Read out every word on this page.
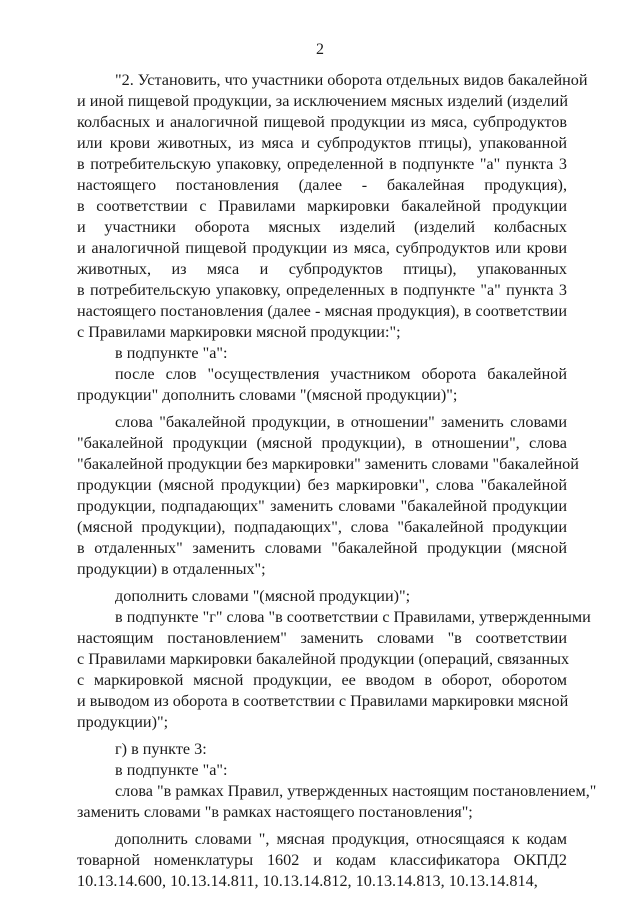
2
"2. Установить, что участники оборота отдельных видов бакалейной
и иной пищевой продукции, за исключением мясных изделий (изделий
колбасных и аналогичной пищевой продукции из мяса, субпродуктов
или крови животных, из мяса и субпродуктов птицы), упакованной
в потребительскую упаковку, определенной в подпункте "а" пункта 3
настоящего постановления (далее - бакалейная продукция),
в соответствии с Правилами маркировки бакалейной продукции
и участники оборота мясных изделий (изделий колбасных
и аналогичной пищевой продукции из мяса, субпродуктов или крови
животных, из мяса и субпродуктов птицы), упакованных
в потребительскую упаковку, определенных в подпункте "а" пункта 3
настоящего постановления (далее - мясная продукция), в соответствии
с Правилами маркировки мясной продукции:";
в подпункте "а":
после слов "осуществления участником оборота бакалейной
продукции" дополнить словами "(мясной продукции)";
слова "бакалейной продукции, в отношении" заменить словами
"бакалейной продукции (мясной продукции), в отношении", слова
"бакалейной продукции без маркировки" заменить словами "бакалейной
продукции (мясной продукции) без маркировки", слова "бакалейной
продукции, подпадающих" заменить словами "бакалейной продукции
(мясной продукции), подпадающих", слова "бакалейной продукции
в отдаленных" заменить словами "бакалейной продукции (мясной
продукции) в отдаленных";
дополнить словами "(мясной продукции)";
в подпункте "г" слова "в соответствии с Правилами, утвержденными
настоящим постановлением" заменить словами "в соответствии
с Правилами маркировки бакалейной продукции (операций, связанных
с маркировкой мясной продукции, ее вводом в оборот, оборотом
и выводом из оборота в соответствии с Правилами маркировки мясной
продукции)";
г) в пункте 3:
в подпункте "а":
слова "в рамках Правил, утвержденных настоящим постановлением,"
заменить словами "в рамках настоящего постановления";
дополнить словами ", мясная продукция, относящаяся к кодам
товарной номенклатуры 1602 и кодам классификатора ОКПД2
10.13.14.600, 10.13.14.811, 10.13.14.812, 10.13.14.813, 10.13.14.814,
